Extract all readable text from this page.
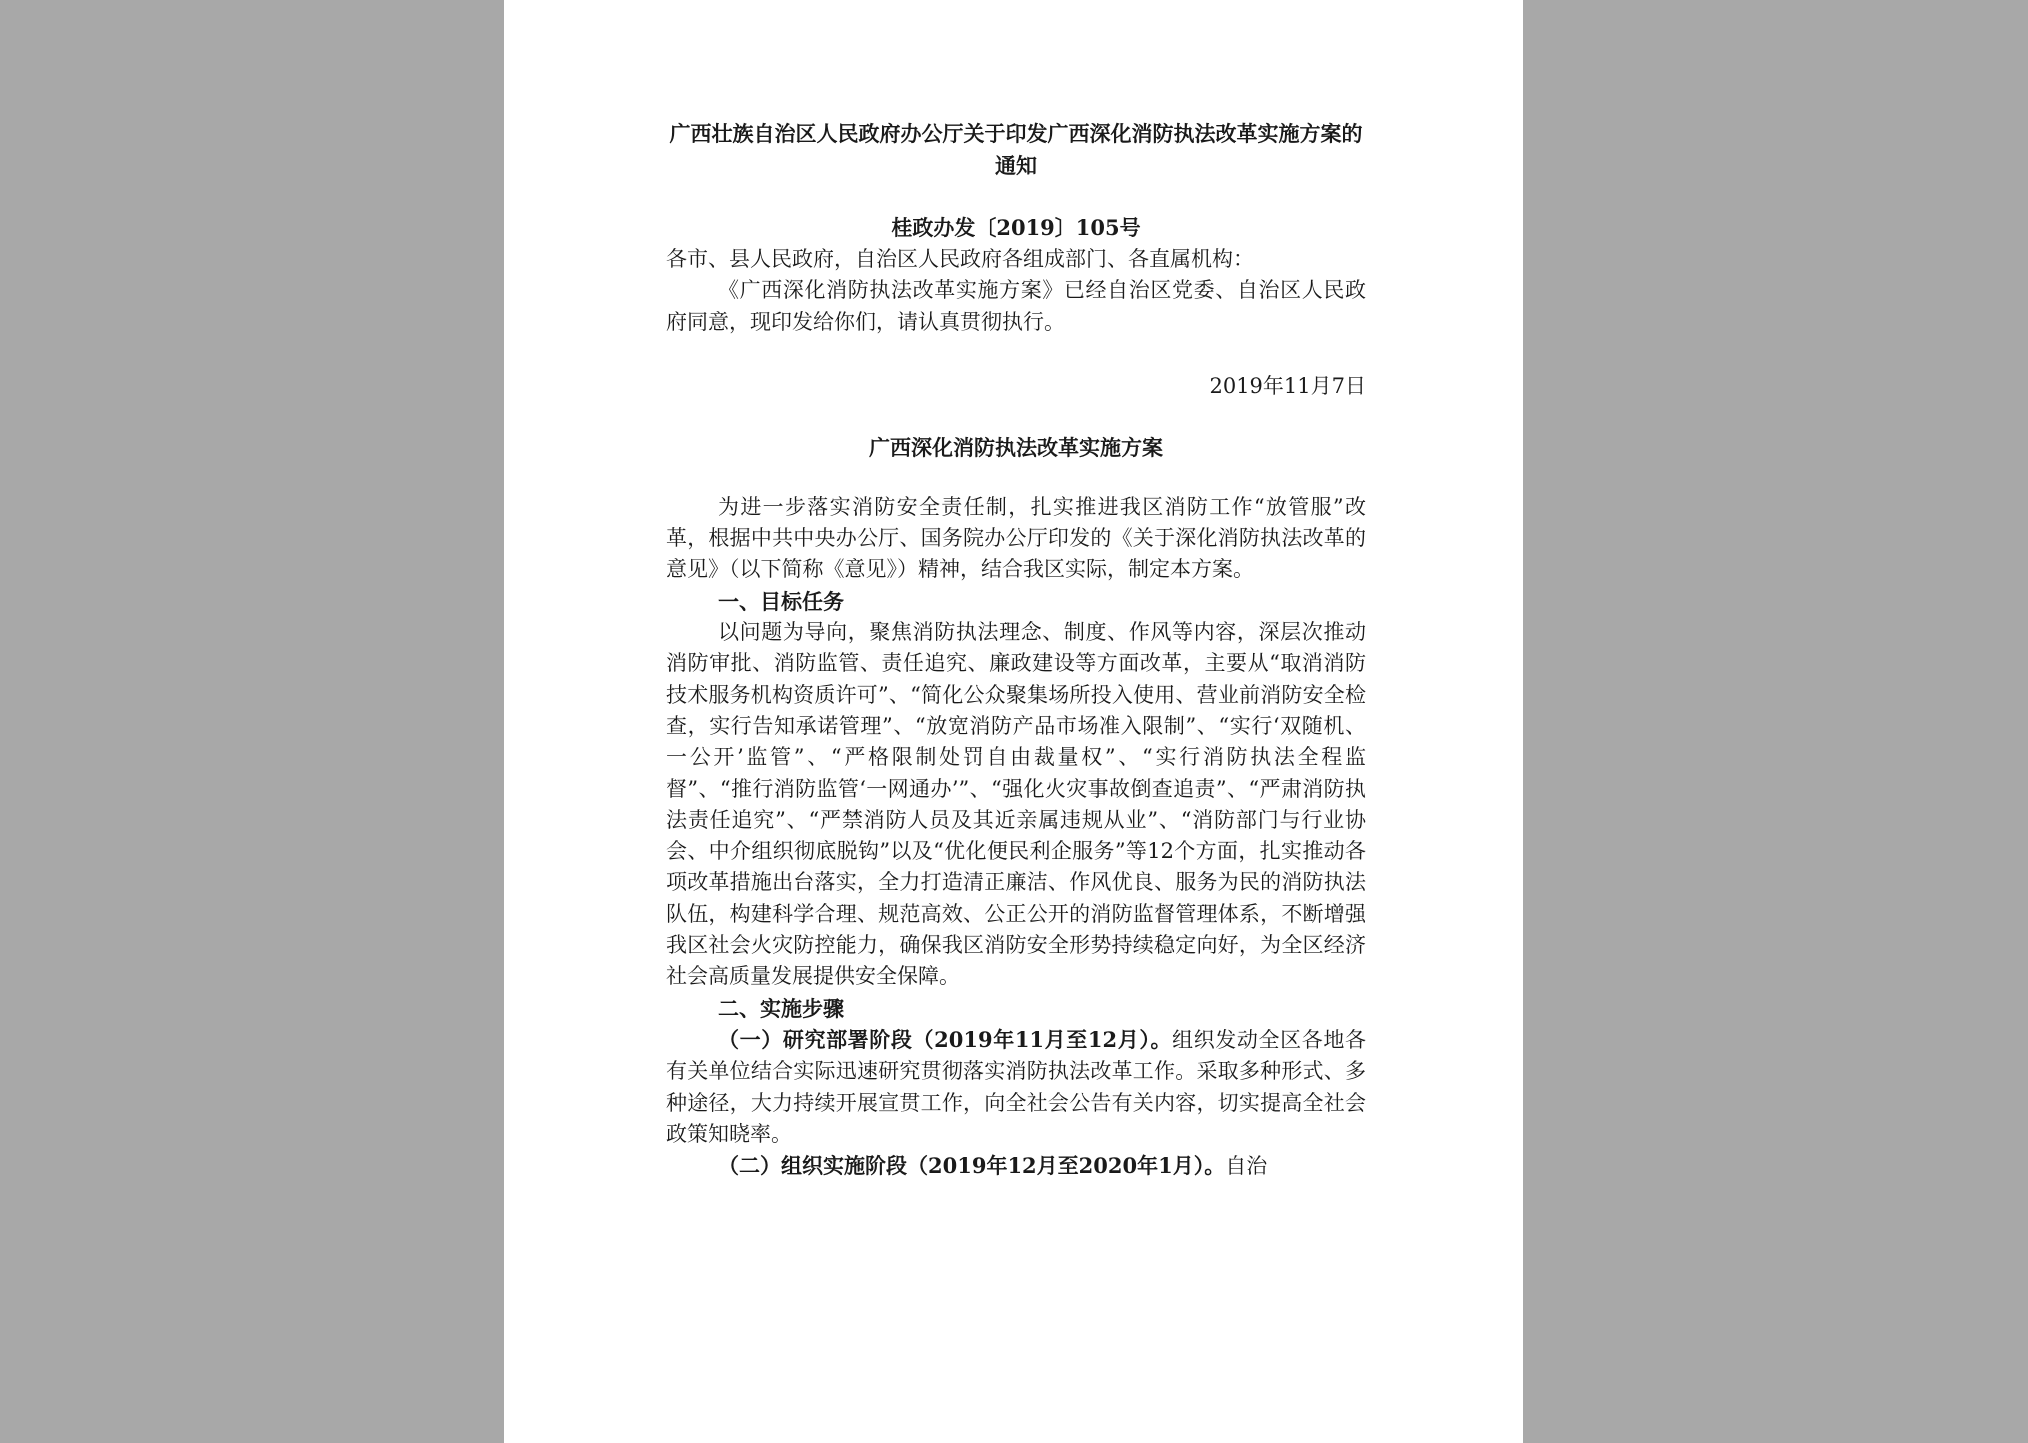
广西壮族自治区人民政府办公厅关于印发广西深化消防执法改革实施方案的通知

桂政办发〔2019〕105号

各市、县人民政府，自治区人民政府各组成部门、各直属机构：

《广西深化消防执法改革实施方案》已经自治区党委、自治区人民政府同意，现印发给你们，请认真贯彻执行。

2019年11月7日
广西深化消防执法改革实施方案

为进一步落实消防安全责任制，扎实推进我区消防工作“放管服”改革，根据中共中央办公厅、国务院办公厅印发的《关于深化消防执法改革的意见》（以下简称《意见》）精神，结合我区实际，制定本方案。

一、目标任务

以问题为导向，聚焦消防执法理念、制度、作风等内容，深层次推动消防审批、消防监管、责任追究、廉政建设等方面改革，主要从“取消消防技术服务机构资质许可”、“简化公众聚集场所投入使用、营业前消防安全检查，实行告知承诺管理”、“放宽消防产品市场准入限制”、“实行‘双随机、一公开’监管”、“严格限制处罚自由裁量权”、“实行消防执法全程监督”、“推行消防监管‘一网通办’”、“强化火灾事故倒查追责”、“严肃消防执法责任追究”、“严禁消防人员及其近亲属违规从业”、“消防部门与行业协会、中介组织彻底脱钩”以及“优化便民利企服务”等12个方面，扎实推动各项改革措施出台落实，全力打造清正廉洁、作风优良、服务为民的消防执法队伍，构建科学合理、规范高效、公正公开的消防监督管理体系，不断增强我区社会火灾防控能力，确保我区消防安全形势持续稳定向好，为全区经济社会高质量发展提供安全保障。

二、实施步骤

（一）研究部署阶段（2019年11月至12月）。组织发动全区各地各有关单位结合实际迅速研究贯彻落实消防执法改革工作。采取多种形式、多种途径，大力持续开展宣贯工作，向全社会公告有关内容，切实提高全社会政策知晓率。

（二）组织实施阶段（2019年12月至2020年1月）。自治
